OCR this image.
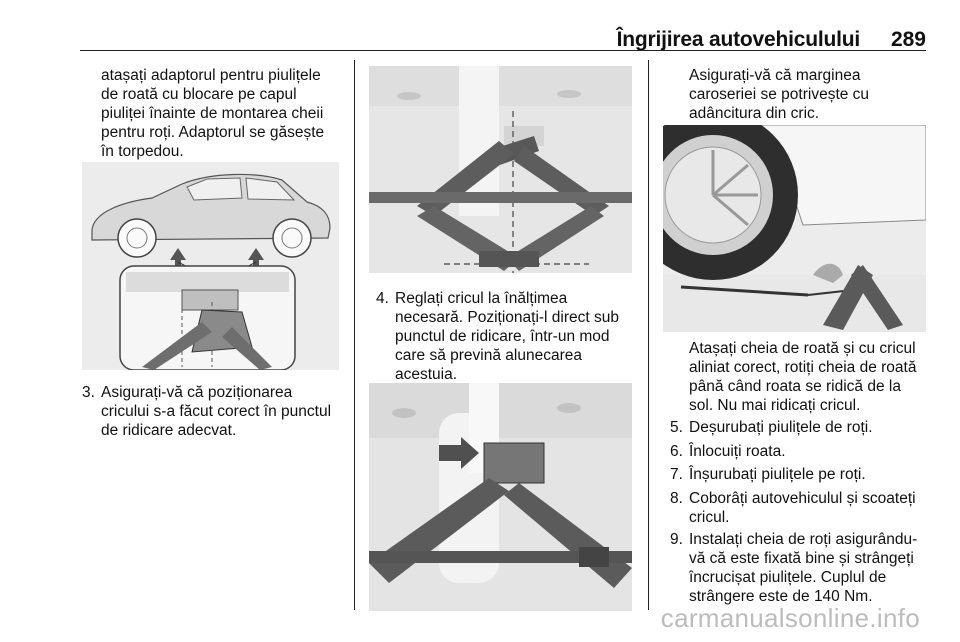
Îngrijirea autovehiculului 289
atașați adaptorul pentru piulițele
de roată cu blocare pe capul
piuliței înainte de montarea cheii
pentru roți. Adaptorul se găsește
în torpedou.
3. Asigurați-vă că poziționarea
cricului s-a făcut corect în punctul
de ridicare adecvat.
4. Reglați cricul la înălțimea
necesară. Poziționați-l direct sub
punctul de ridicare, într-un mod
care să prevină alunecarea
acestuia.
Asigurați-vă că marginea
caroseriei se potrivește cu
adâncitura din cric.
Atașați cheia de roată și cu cricul
aliniat corect, rotiți cheia de roată
până când roata se ridică de la
sol. Nu mai ridicați cricul.
5. Deșurubați piulițele de roți.
6. Înlocuiți roata.
7. Înșurubați piulițele pe roți.
8. Coborâți autovehiculul și scoateți
cricul.
9. Instalați cheia de roți asigurându-
vă că este fixată bine și strângeți
încrucișat piulițele. Cuplul de
strângere este de 140 Nm.
carmanualsonline.info
